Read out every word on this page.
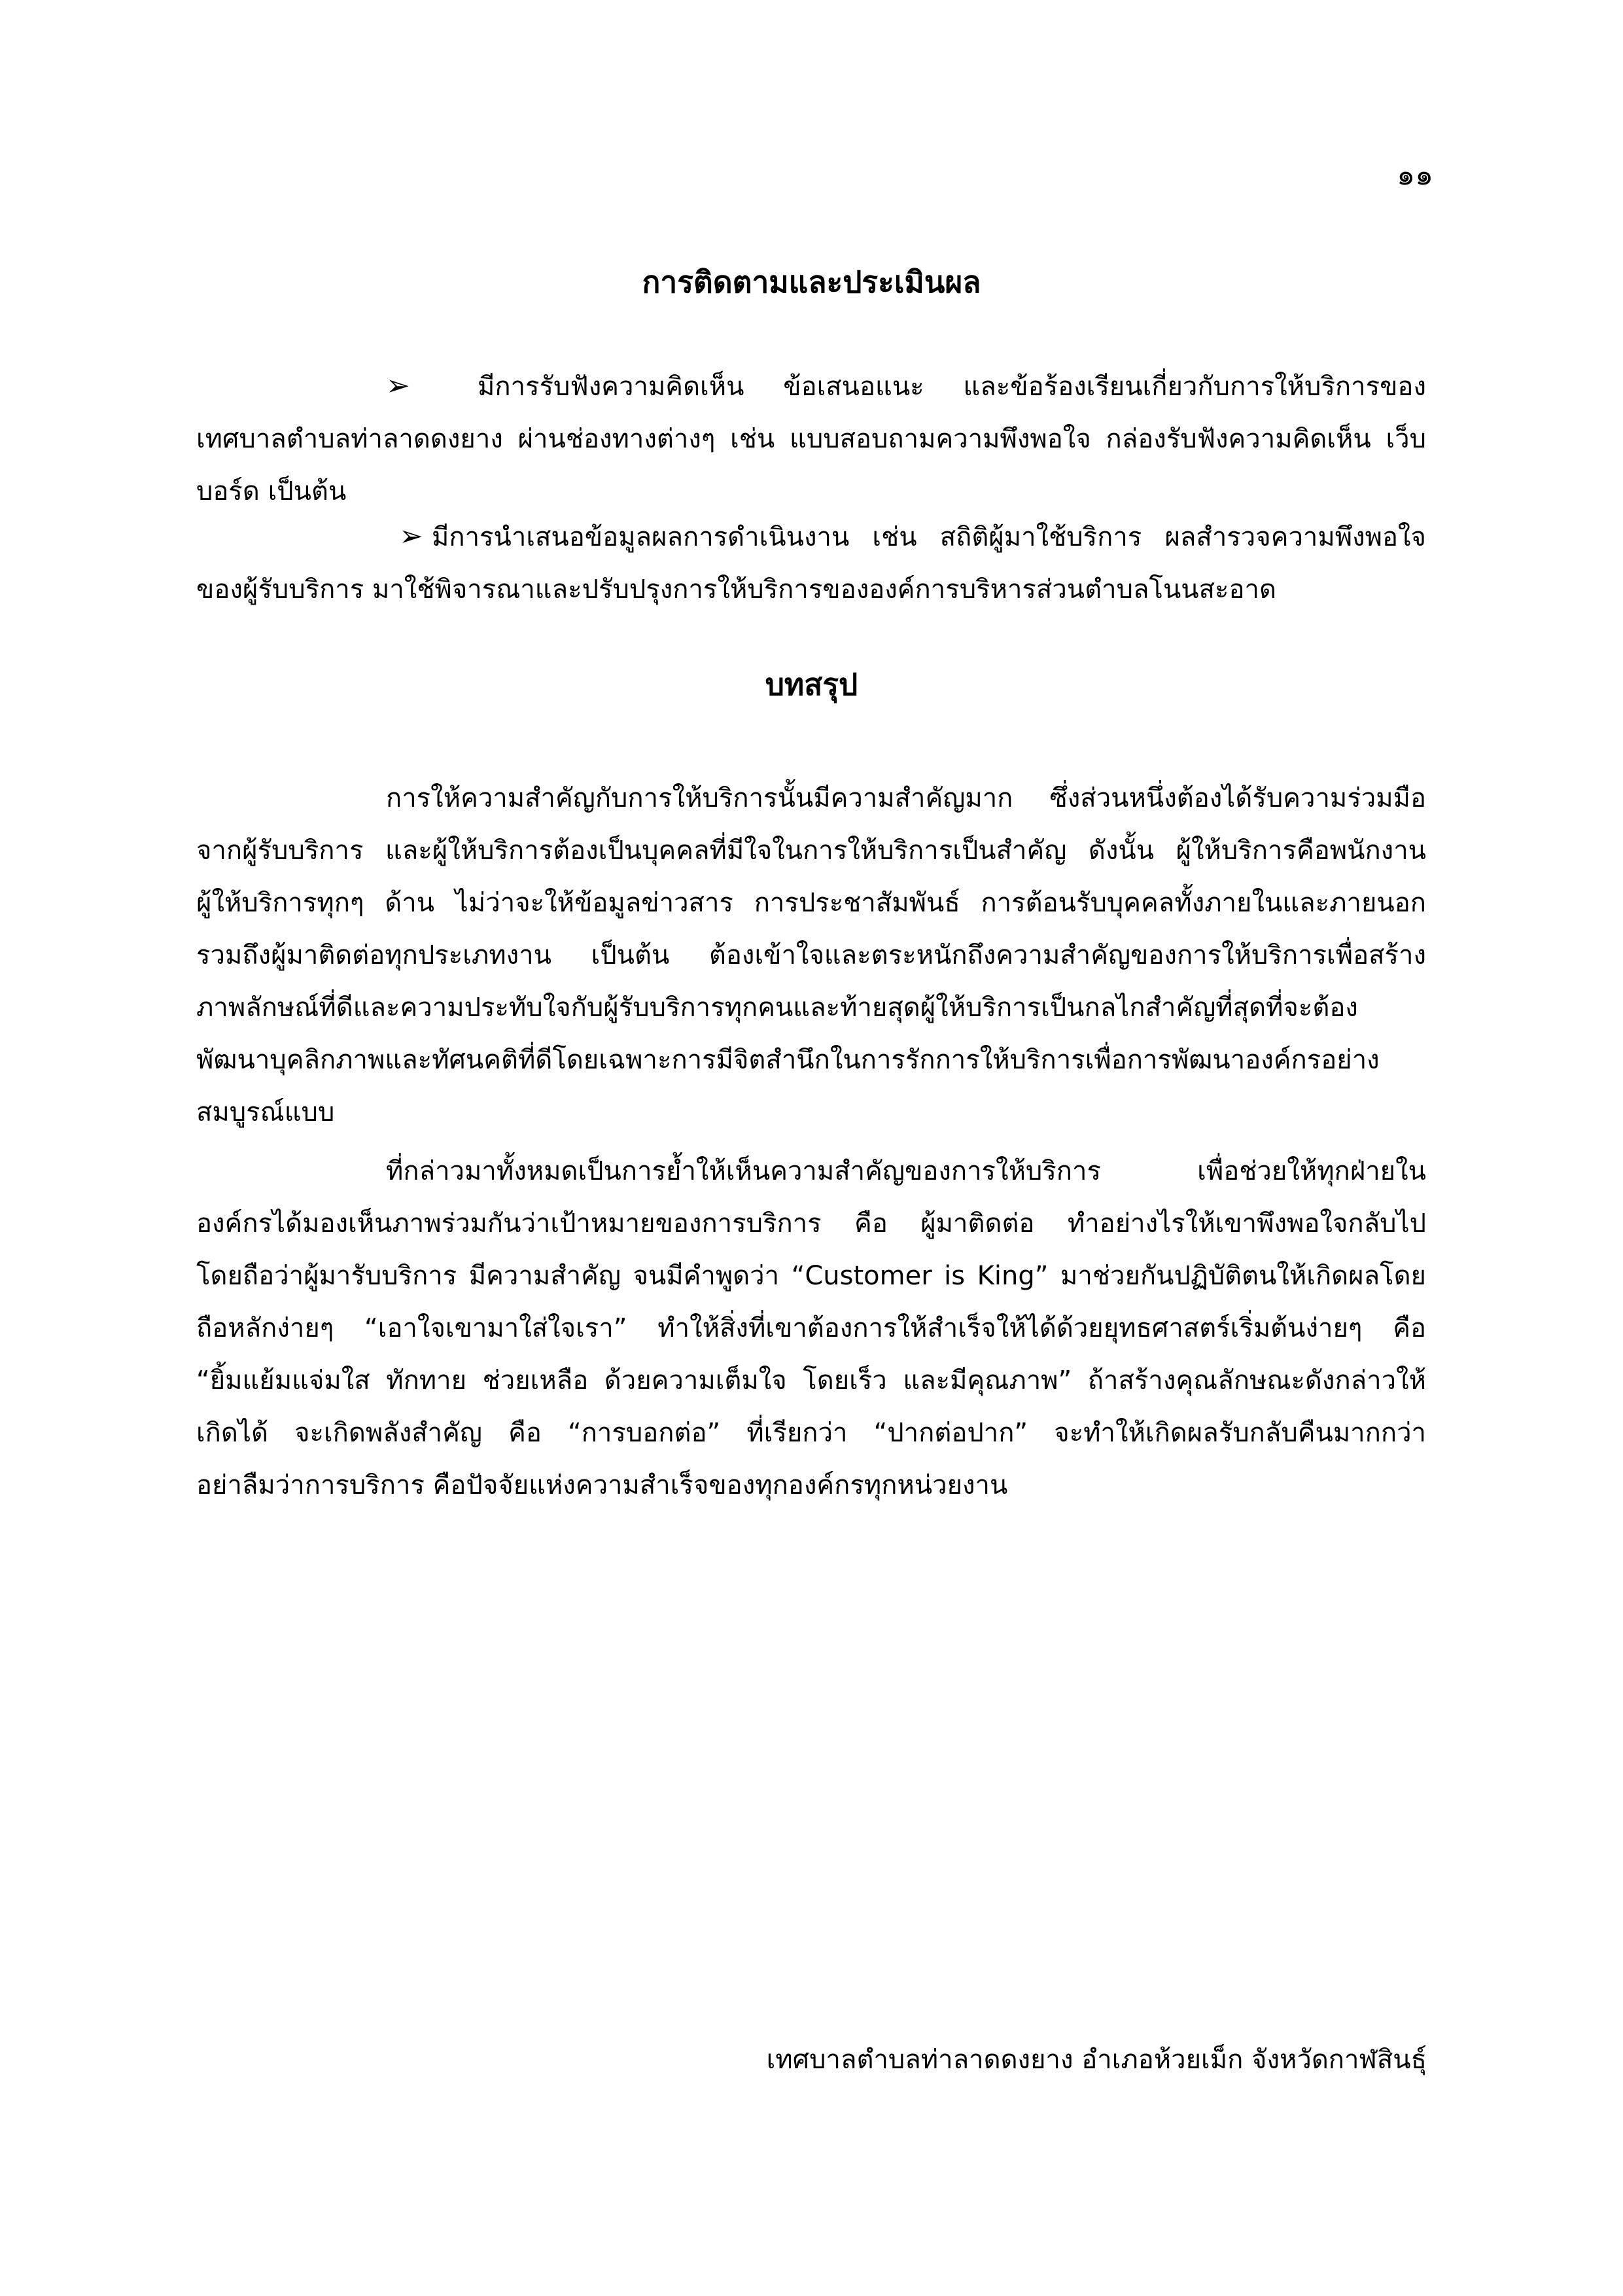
๑๑
การติดตามและประเมินผล
➢	มีการรับฟังความคิดเห็น ข้อเสนอแนะ และข้อร้องเรียนเกี่ยวกับการให้บริการของ
เทศบาลตำบลท่าลาดดงยาง ผ่านช่องทางต่างๆ เช่น แบบสอบถามความพึงพอใจ กล่องรับฟังความคิดเห็น เว็บ
บอร์ด เป็นต้น
➢ มีการนำเสนอข้อมูลผลการดำเนินงาน เช่น สถิติผู้มาใช้บริการ ผลสำรวจความพึงพอใจ
ของผู้รับบริการ มาใช้พิจารณาและปรับปรุงการให้บริการขององค์การบริหารส่วนตำบลโนนสะอาด
บทสรุป
การให้ความสำคัญกับการให้บริการนั้นมีความสำคัญมาก ซึ่งส่วนหนึ่งต้องได้รับความร่วมมือ
จากผู้รับบริการ และผู้ให้บริการต้องเป็นบุคคลที่มีใจในการให้บริการเป็นสำคัญ ดังนั้น ผู้ให้บริการคือพนักงาน
ผู้ให้บริการทุกๆ ด้าน ไม่ว่าจะให้ข้อมูลข่าวสาร การประชาสัมพันธ์ การต้อนรับบุคคลทั้งภายในและภายนอก
รวมถึงผู้มาติดต่อทุกประเภทงาน เป็นต้น ต้องเข้าใจและตระหนักถึงความสำคัญของการให้บริการเพื่อสร้าง
ภาพลักษณ์ที่ดีและความประทับใจกับผู้รับบริการทุกคนและท้ายสุดผู้ให้บริการเป็นกลไกสำคัญที่สุดที่จะต้อง
พัฒนาบุคลิกภาพและทัศนคติที่ดีโดยเฉพาะการมีจิตสำนึกในการรักการให้บริการเพื่อการพัฒนาองค์กรอย่าง
สมบูรณ์แบบ
ที่กล่าวมาทั้งหมดเป็นการย้ำให้เห็นความสำคัญของการให้บริการ เพื่อช่วยให้ทุกฝ่ายใน
องค์กรได้มองเห็นภาพร่วมกันว่าเป้าหมายของการบริการ คือ ผู้มาติดต่อ ทำอย่างไรให้เขาพึงพอใจกลับไป
โดยถือว่าผู้มารับบริการ มีความสำคัญ จนมีคำพูดว่า “Customer is King” มาช่วยกันปฏิบัติตนให้เกิดผลโดย
ถือหลักง่ายๆ “เอาใจเขามาใส่ใจเรา” ทำให้สิ่งที่เขาต้องการให้สำเร็จให้ได้ด้วยยุทธศาสตร์เริ่มต้นง่ายๆ คือ
“ยิ้มแย้มแจ่มใส ทักทาย ช่วยเหลือ ด้วยความเต็มใจ โดยเร็ว และมีคุณภาพ” ถ้าสร้างคุณลักษณะดังกล่าวให้
เกิดได้ จะเกิดพลังสำคัญ คือ “การบอกต่อ” ที่เรียกว่า “ปากต่อปาก” จะทำให้เกิดผลรับกลับคืนมากกว่า
อย่าลืมว่าการบริการ คือปัจจัยแห่งความสำเร็จของทุกองค์กรทุกหน่วยงาน
เทศบาลตำบลท่าลาดดงยาง อำเภอห้วยเม็ก จังหวัดกาฬสินธุ์
